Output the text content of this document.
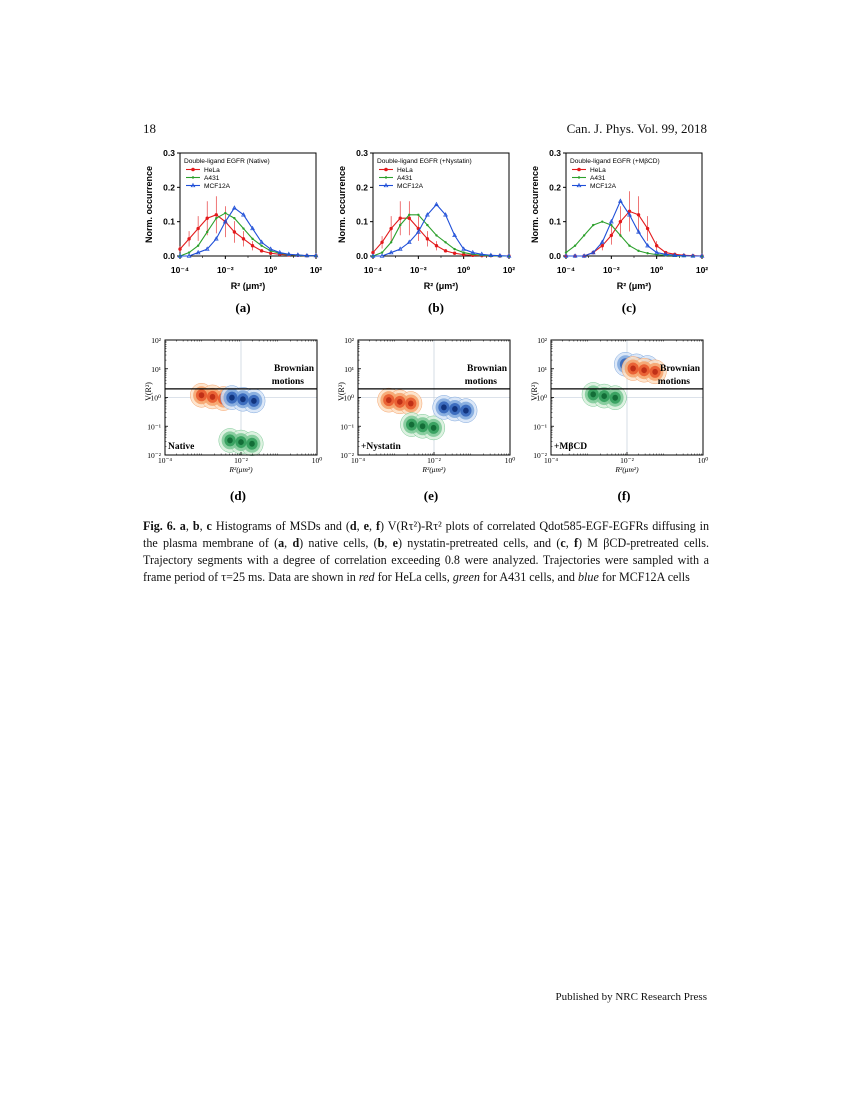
18	Can. J. Phys. Vol. 99, 2018
0.0
0.1
0.2
0.3
10⁻⁴	10⁻²	10⁰	10²
Norm. occurrence
R² (μm²)
Double-ligand EGFR (Native)
HeLa
A431
MCF12A
(a)
0.0
0.1
0.2
0.3
10⁻⁴	10⁻²	10⁰	10²
Norm. occurrence
R² (μm²)
Double-ligand EGFR (+Nystatin)
HeLa
A431
MCF12A
(b)
0.0
0.1
0.2
0.3
10⁻⁴	10⁻²	10⁰	10²
Norm. occurrence
R² (μm²)
Double-ligand EGFR (+MβCD)
HeLa
A431
MCF12A
(c)
10⁻²
10⁻¹
10⁰
10¹
10²
10⁻⁴	10⁻²	10⁰
V(R²)
R²(μm²)
Brownian
motions
Native
(d)
10⁻²
10⁻¹
10⁰
10¹
10²
10⁻⁴	10⁻²	10⁰
V(R²)
R²(μm²)
Brownian
motions
+Nystatin
(e)
10⁻²
10⁻¹
10⁰
10¹
10²
10⁻⁴	10⁻²	10⁰
V(R²)
R²(μm²)
Brownian
motions
+MβCD
(f)
Fig. 6. a, b, c Histograms of MSDs and (d, e, f) V(Rτ²)-Rτ² plots of correlated Qdot585-EGF-EGFRs diffusing in the plasma membrane of (a, d) native cells, (b, e) nystatin-pretreated cells, and (c, f) M βCD-pretreated cells. Trajectory segments with a degree of correlation exceeding 0.8 were analyzed. Trajectories were sampled with a frame period of τ=25 ms. Data are shown in red for HeLa cells, green for A431 cells, and blue for MCF12A cells
Published by NRC Research Press
